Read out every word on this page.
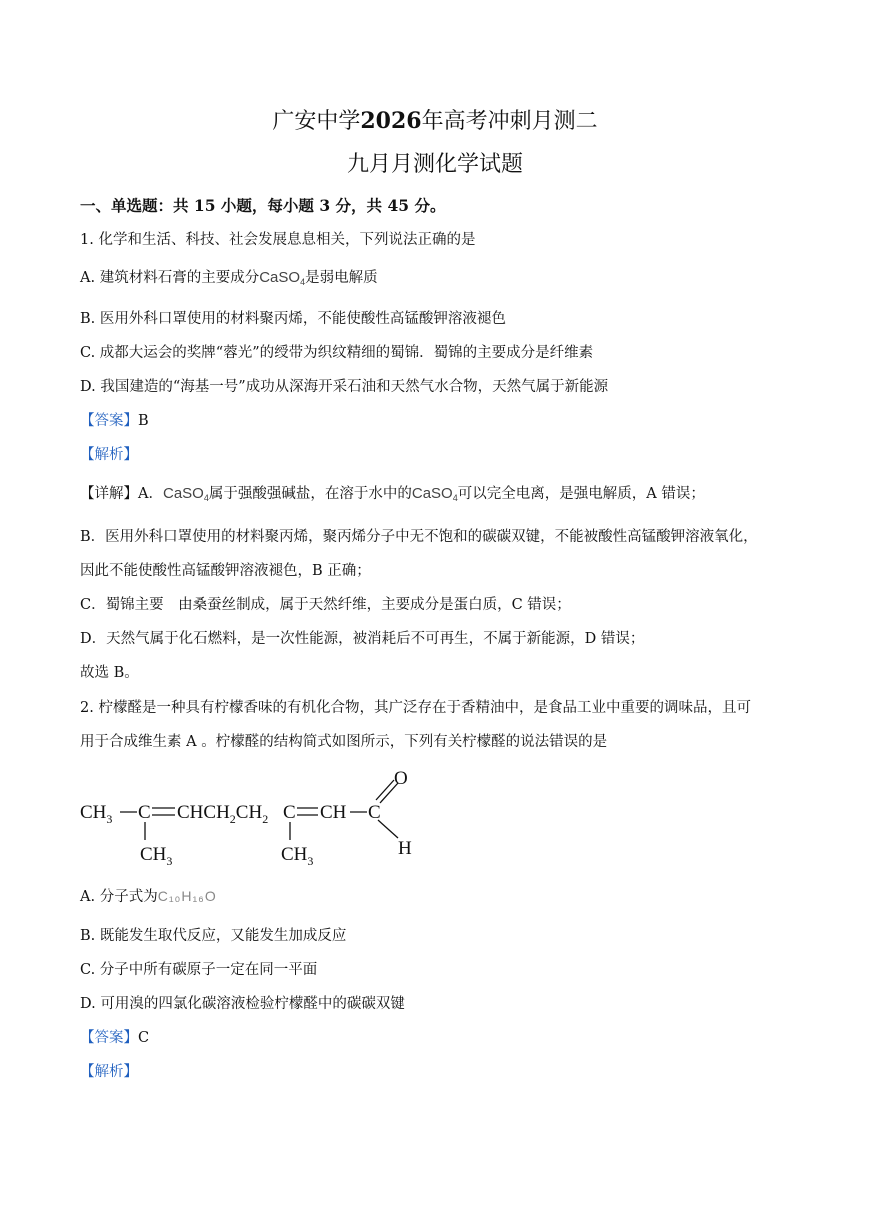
广安中学2026年高考冲刺月测二
九月月测化学试题
一、单选题：共 15 小题，每小题 3 分，共 45 分。
1. 化学和生活、科技、社会发展息息相关，下列说法正确的是
A. 建筑材料石膏的主要成分CaSO$_4$是弱电解质
B. 医用外科口罩使用的材料聚丙烯，不能使酸性高锰酸钾溶液褪色
C. 成都大运会的奖牌“蓉光”的绶带为织纹精细的蜀锦．蜀锦的主要成分是纤维素
D. 我国建造的“海基一号”成功从深海开采石油和天然气水合物，天然气属于新能源
【答案】B
【解析】
【详解】A．CaSO$_4$属于强酸强碱盐，在溶于水中的CaSO$_4$可以完全电离，是强电解质，A 错误；
B．医用外科口罩使用的材料聚丙烯，聚丙烯分子中无不饱和的碳碳双键，不能被酸性高锰酸钾溶液氧化，
因此不能使酸性高锰酸钾溶液褪色，B 正确；
C．蜀锦主要　由桑蚕丝制成，属于天然纤维，主要成分是蛋白质，C 错误；
D．天然气属于化石燃料，是一次性能源，被消耗后不可再生，不属于新能源，D 错误；
故选 B。
2. 柠檬醛是一种具有柠檬香味的有机化合物，其广泛存在于香精油中，是食品工业中重要的调味品，且可
用于合成维生素 A 。柠檬醛的结构简式如图所示，下列有关柠檬醛的说法错误的是
$CH_3$ C $CHCH_2CH_2$ C CH C
O
H
$CH_3$	$CH_3$
A. 分子式为C₁₀H₁₆O
B. 既能发生取代反应，又能发生加成反应
C. 分子中所有碳原子一定在同一平面
D. 可用溴的四氯化碳溶液检验柠檬醛中的碳碳双键
【答案】C
【解析】
